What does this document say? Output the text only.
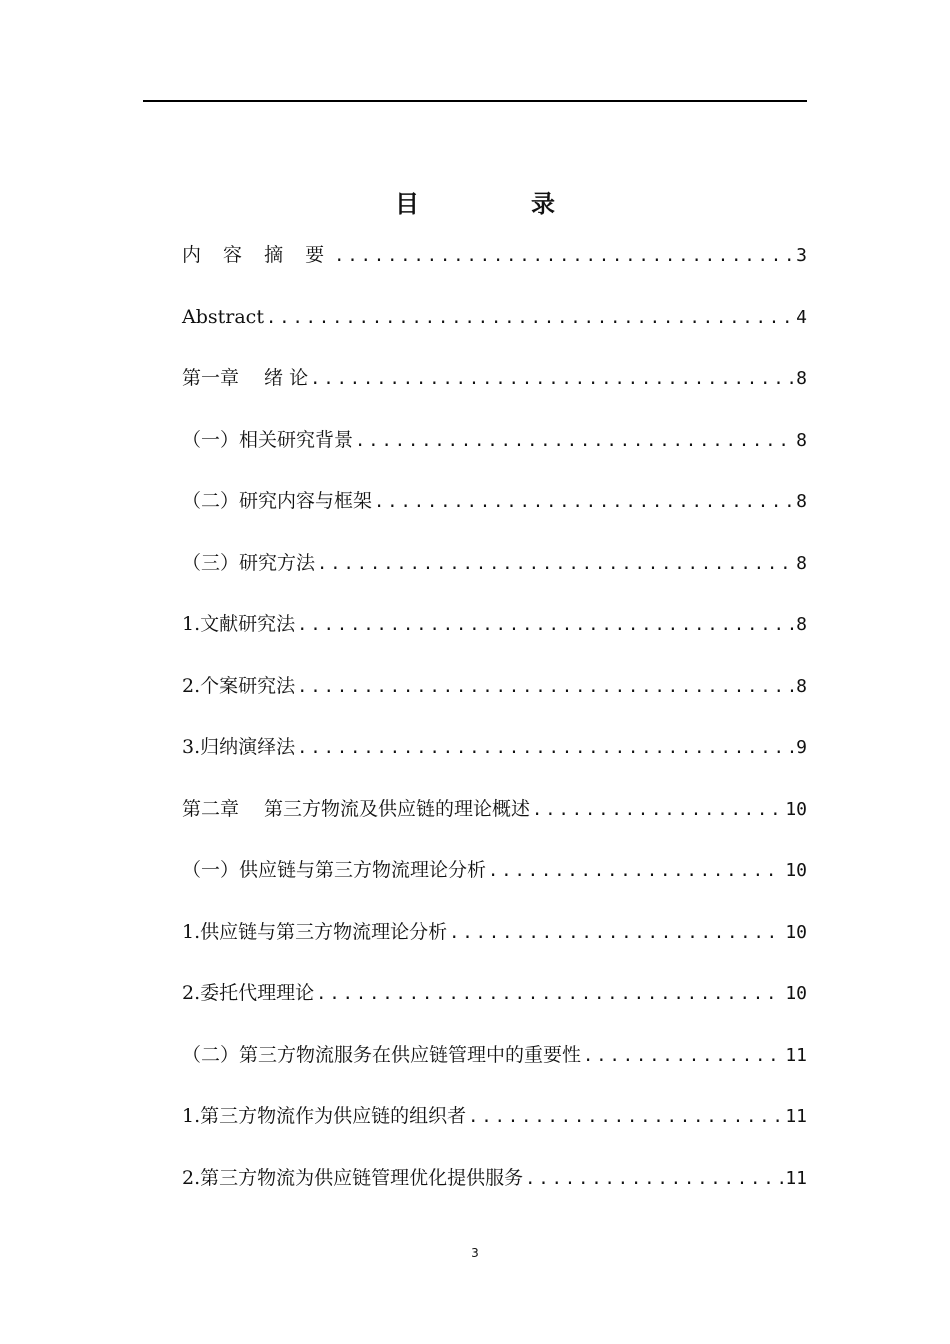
目　录
内 容 摘 要 .....	3
Abstract .....	4
第一章　 绪 论 .....	8
（一）相关研究背景 .....	8
（二）研究内容与框架 .....	8
（三）研究方法 .....	8
1.文献研究法 .....	8
2.个案研究法 .....	8
3.归纳演绎法 .....	9
第二章　 第三方物流及供应链的理论概述 .....	10
（一）供应链与第三方物流理论分析 .....	10
1.供应链与第三方物流理论分析 .....	10
2.委托代理理论 .....	10
（二）第三方物流服务在供应链管理中的重要性 .....	11
1.第三方物流作为供应链的组织者 .....	11
2.第三方物流为供应链管理优化提供服务 .....	11
3
